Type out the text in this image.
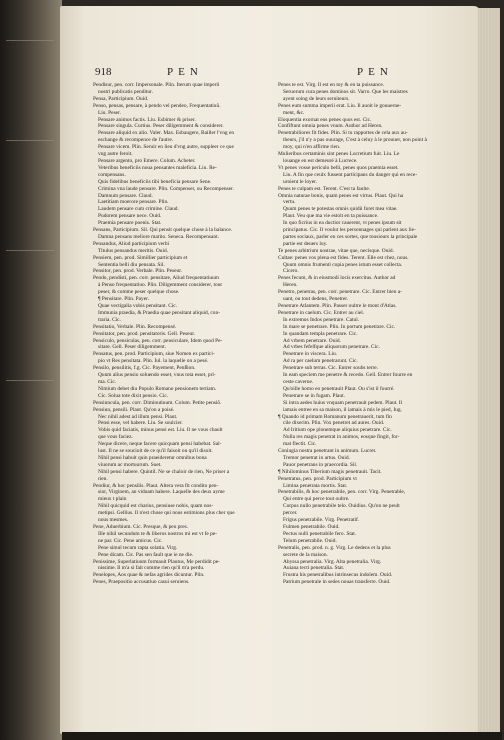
918	PEN	PEN

Pendisur, pen. corr. Impersonale. Plin. Iterum quae imperii

nostri publicatis penditur.

Pensa, Participium. Ouid.

Penso, pensas, pensare, à pendo vel pendeo, Frequentatiuũ.

Liu. Peser.

Pensare animos factis. Liu. Esbimer & priser.

Pensare singula. Curtius. Peser diligemment & considerer.

Pensare aliquid ex alio. Valer. Max. Esbaugere, Bailler l'vng en

eschange & recompence de l'autre.

Pensare vicem. Plin. Seruir en lieu d'vng autre, suppleer ce que

vng autre feroit.

Pensare argento, pro Emere. Colum. Acheter.

Veteribus beneficiis noua pensantes maleficia. Liu. Re-

compensans.

Quis fidelibus beneficiis tibi beneficia pensare Sene.

Crimina vna laude pensare. Plin. Compenser, ou Recompenser.

Damnum pensare. Claud.

Laetitiam moerore pensare. Plin.

Laudem pensare cum crimine. Claud.

Pudorem pensare nece. Ouid.

Praemia pensare poenis. Stat.

Pensans, Participium. Sil. Qui pensit quelque chose à la balance.

Damna pensans meliore marito. Seneca. Recompensant.

Pensandus, Aliud participium verbi

Titulus pensandus meritis. Ouid.

Pensiem, pen. prod. Simillier participium et

Sententia belli diu pensata. Sil.

Pensitor, pen. prod. Verbale. Plin. Peseur.

Pendo, pendisti, pen. corr. pensitare, Aliud frequentatiuum

à Penso frequentatiuo. Plin. Diligemment considerer, tout

peser, & comme peser quelque chose.

¶ Pensitare. Plin. Payer.

Quae vectigalia vobis pensitant. Cic.

Immunia praedia, & Praedia quae pensitant aliquid, con-

traria. Cic.

Pensitatio, Verbale. Plin. Recompensé.

Pensitator, pen. prod. pensitatoris. Gell. Peseur.

Pensiculo, pensiculas, pen. corr. pensiculare, Idem quod Pe-

sitare. Gell. Peser diligemment.

Pensatus, pen. prod. Participium, siue Nomen ex partici-

pio vt Res pensitata. Plin. Iul. la laquelle on a pesé.

Pensilo, pensilitis, f.g. Cic. Payement, Penßion.

Quum alius pensio soluendo esset, vnus tota esset, pri-

ma. Cic.

Nimium debet diu Populo Romano pensionem tertiam.

Cic. Solua tote dixit pensio. Cic.

Pensiuncula, pen. corr. Diminutiuum. Colum. Petite pensiõ.

Pensiun, pensili. Plaut. Qu'on a poisé.

Nec nihil adest ad illum pensi. Plaut.

Pensi esse, vel habere. Liu. Se soulcier.

Vobis quid faciatis, minus pensi est. Liu. Il ne vous chault

que vous faciez.

Neque dicere, neque facere quicquam pensi habebat. Sal-

lust. Il ne se soucioit de ce qu'il faisoit ou qu'il disoit.

Nihil pensi habuit quin praeideretur omnibus bona

viuorum ac mortuorum. Suet.

Nihil pensi habere. Quintil. Ne se chaloir de rien, Ne priser a

rien.

Pendiur, & hoc pensilis. Plaut. Altera vera fit condito pen-

sior, Virginem, an viduam habere. Laquelle des deux ayme

mieux t plain

Nihil quicquid est charius, pensiuse nobis, quam nos-

metipsi. Gellius. Il n'est chose qui nous estimions plus cher que

nous mesmes.

Pene, Aduerbium. Cic. Presque, & peu pres.

Ille nihil secundum te & liberos nostros mi est vt fe pe-

ne par. Cic. Pene amicus. Cic.

Pene simul tecum rapta solatia. Virg.

Pene dicam. Cic. Pas sen fault que ie ne die.

Penissime, Superlatiuum formauit Plautus, Me perdidit pe-

nissime. Il m'a si fait comme rien qu'il m'a perdu.

Penelopes, Aos quae & nefas agrides dicuntur. Plin.

Penes, Praepositio accusatiuo casui seruiens.

Penes te est. Virg. Il est en toy & en ta puissance.

Seruorum cura penes dominos sit. Varro. Que les maistres

ayent soing de leurs seruiteurs.

Penes eum summa imperii erat. Liu. Il auoit le gouuerne-

ment, &c.

Eloquentia exornat eos penes quos est. Cic.

Confiftunt omnia penes vnum. Author ad Heren.

Penetrabiliores fit fides. Plin. Si tu rapportes de cela aux au-

theurs, j'il n'y a pas ouurage, C'est à celuy à le prouuer, non point à

moy, qui n'en affirme rien.

Mulieribus certaminis sint penes Lucretium fuit. Liu. Le

louange en est demeuré à Lucrece.

Vt penes vosse periculo belli, penes quos praemia esset.

Liu. A fin que ceulx fussent participans du danger qui en rece-

uroient le loyer.

Penes te culpam est. Terent. C'est ta faulte.

Omnia naturae bonis, quam penes est virtus. Plaut. Qui ha

vertu.

Quum penes te potestas omnis quidii foret mea vitae.

Plaut. Veu que ma vie estoit en ta puissance.

In quo ficrius in ea ductior cauerent, vt penes ipsum sit

principatus. Cic. Il voulut les personnages qui parlent aux lie-

partes sociaux, parler en ces sortes, que tousiours la principale

partie est deuers luy.

Te penes arbitrium nostrae, vitae que, necisque. Ouid.

Cultae: penes vos plena est fides. Terent. Elle est chez, nous.

Quum omnis frumenti copia penes istum esset collecta.

Cicero.

Penes fecum, & in eiusmodi locis exercitus. Author ad

Heren.

Penetro, penetras, pen. corr. penetrare. Cic. Entrer bien a-

uant, ou tout dedens, Penetrer.

Penetrare Atlantem. Plin. Passer oultre le mont d'Atlas.

Penetrare in caelum. Cic. Entrer au ciel.

In extremos Indos penetrare. Catul.

In mare se penetrare. Plin. In portum penetrare. Cic.

In quandam templa penetrare. Cic.

Ad vrbem penetrare. Ouid.

Ad vrbes fefelfque aliquorum penetrare. Cic.

Penetrare in viscera. Liu.

Ad ra per caelum penetrarunt. Cic.

Penetrare sub terras. Cic. Entrer soubs terre.

In eam speciem me penetre & recedo. Gell. Entrer fourre en

ceste caverne.

Qu'oille homo eo penetrauit Plaut. Ou s'ist il fourré.

Penetrare se in fugam. Plaut.

Si intra aedes huius vnquam penetrauit pedem. Plaut. Il

iamais entree en sa maison, il iamais à mis le pied, Iug.

¶ Quando id primam Romanum penetrauerit, tum fin

cile dixerim. Plin. Vox penetret ad aures. Ouid.

Ad Iritium ope plonemque aliquius penetrare. Cic.

Nulla res magis penetrat in animos, eosque fingit, for-

mat flectit. Cic.

Coniugia nostra penetrant in animum. Lucret.

Tremor penetrat in artus. Ouid.

Pauor penetrans in praecordia. Sil.

¶ Nihilominus Tiberium magis penetrauit. Tacit.

Penetratus, pen. prod. Participium vt

Limina penetrata mortis. Stat.

Penetrabilis, & hoc penetrabile, pen. corr. Virg. Penetrable,

Qui entre qui perce tout oultre.

Corpus nullo penetrabile telo. Ouidius. Qu'on ne peult

percer.

Frigus penetrabile. Virg. Penetratif.

Fulmen penetrabile. Ouid.

Pectus nulli penetrabile fero. Stat.

Telum penetrabile. Ouid.

Penetralis, pen. prod. n. g. Virg. Le dedens et la plus

secrete de la maison.

Abyssa penetralia. Virg. Alta penetralia. Virg.

Auiana tecti penetralia. Stat.

Frustra his penetralibus intrinsecus indolem. Ouid.

Patrium penetrale in sedes nouas transferre. Ouid.
